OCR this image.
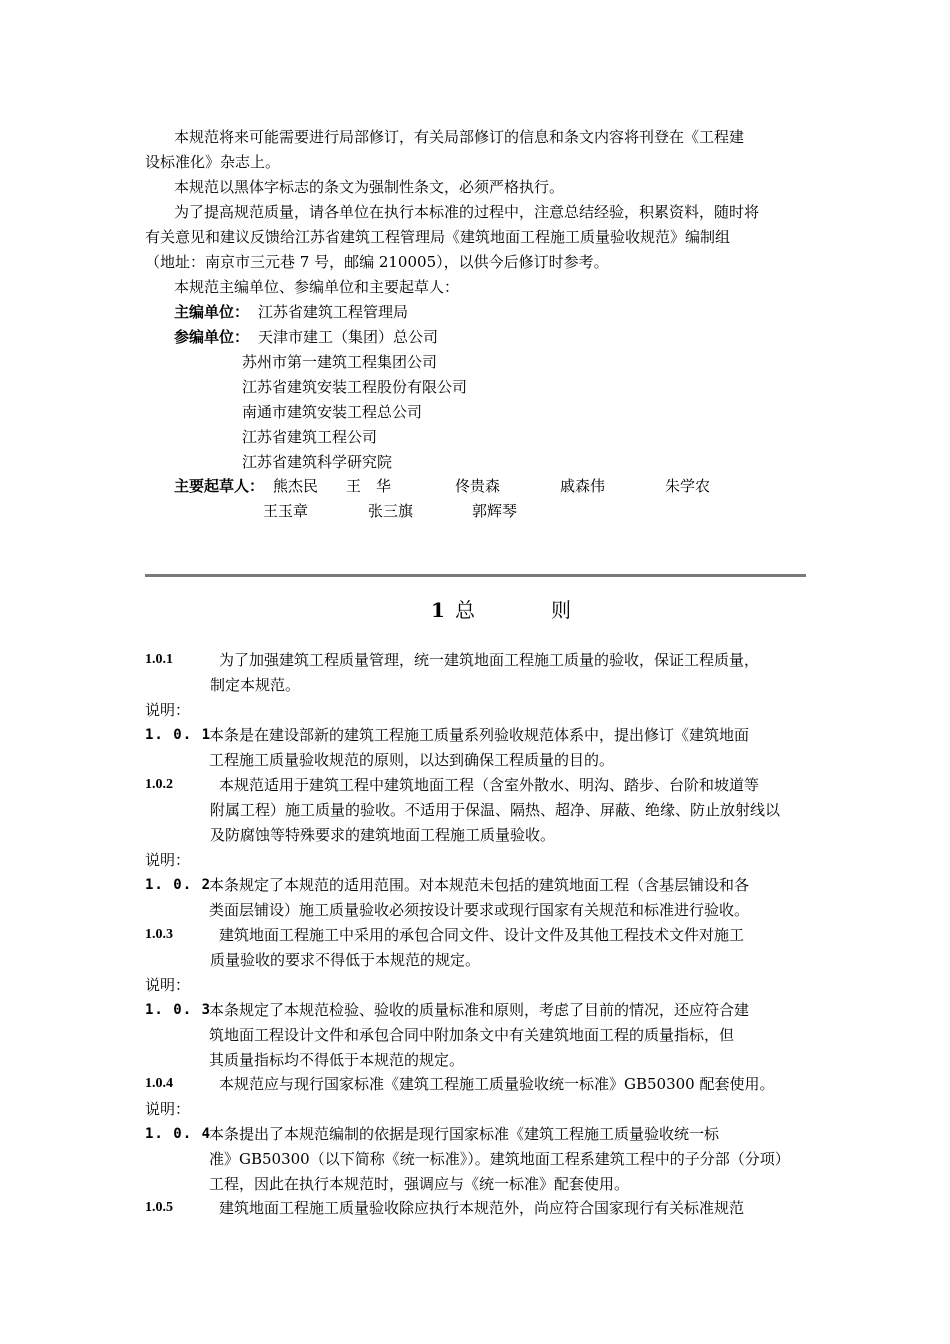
本规范将来可能需要进行局部修订，有关局部修订的信息和条文内容将刊登在《工程建
设标准化》杂志上。
本规范以黑体字标志的条文为强制性条文，必须严格执行。
为了提高规范质量，请各单位在执行本标准的过程中，注意总结经验，积累资料，随时将
有关意见和建议反馈给江苏省建筑工程管理局《建筑地面工程施工质量验收规范》编制组
（地址：南京市三元巷 7 号，邮编 210005），以供今后修订时参考。
本规范主编单位、参编单位和主要起草人：
主编单位： 江苏省建筑工程管理局
参编单位： 天津市建工（集团）总公司
苏州市第一建筑工程集团公司
江苏省建筑安装工程股份有限公司
南通市建筑安装工程总公司
江苏省建筑工程公司
江苏省建筑科学研究院
主要起草人： 熊杰民 王　华	佟贵森	戚森伟	朱学农
王玉章	张三旗	郭辉琴
1 总	则
1.0.1	为了加强建筑工程质量管理，统一建筑地面工程施工质量的验收，保证工程质量，
制定本规范。
说明：
1. 0. 1
本条是在建设部新的建筑工程施工质量系列验收规范体系中，提出修订《建筑地面
工程施工质量验收规范的原则，以达到确保工程质量的目的。
1.0.2	本规范适用于建筑工程中建筑地面工程（含室外散水、明沟、踏步、台阶和坡道等
附属工程）施工质量的验收。不适用于保温、隔热、超净、屏蔽、绝缘、防止放射线以
及防腐蚀等特殊要求的建筑地面工程施工质量验收。
说明：
1. 0. 2
本条规定了本规范的适用范围。对本规范未包括的建筑地面工程（含基层铺设和各
类面层铺设）施工质量验收必须按设计要求或现行国家有关规范和标准进行验收。
1.0.3	建筑地面工程施工中采用的承包合同文件、设计文件及其他工程技术文件对施工
质量验收的要求不得低于本规范的规定。
说明：
1. 0. 3
本条规定了本规范检验、验收的质量标准和原则，考虑了目前的情况，还应符合建
筑地面工程设计文件和承包合同中附加条文中有关建筑地面工程的质量指标，但
其质量指标均不得低于本规范的规定。
1.0.4	本规范应与现行国家标准《建筑工程施工质量验收统一标准》GB50300 配套使用。
说明：
1. 0. 4
本条提出了本规范编制的依据是现行国家标准《建筑工程施工质量验收统一标
准》GB50300（以下简称《统一标准》）。建筑地面工程系建筑工程中的子分部（分项）
工程，因此在执行本规范时，强调应与《统一标准》配套使用。
1.0.5	建筑地面工程施工质量验收除应执行本规范外，尚应符合国家现行有关标准规范
